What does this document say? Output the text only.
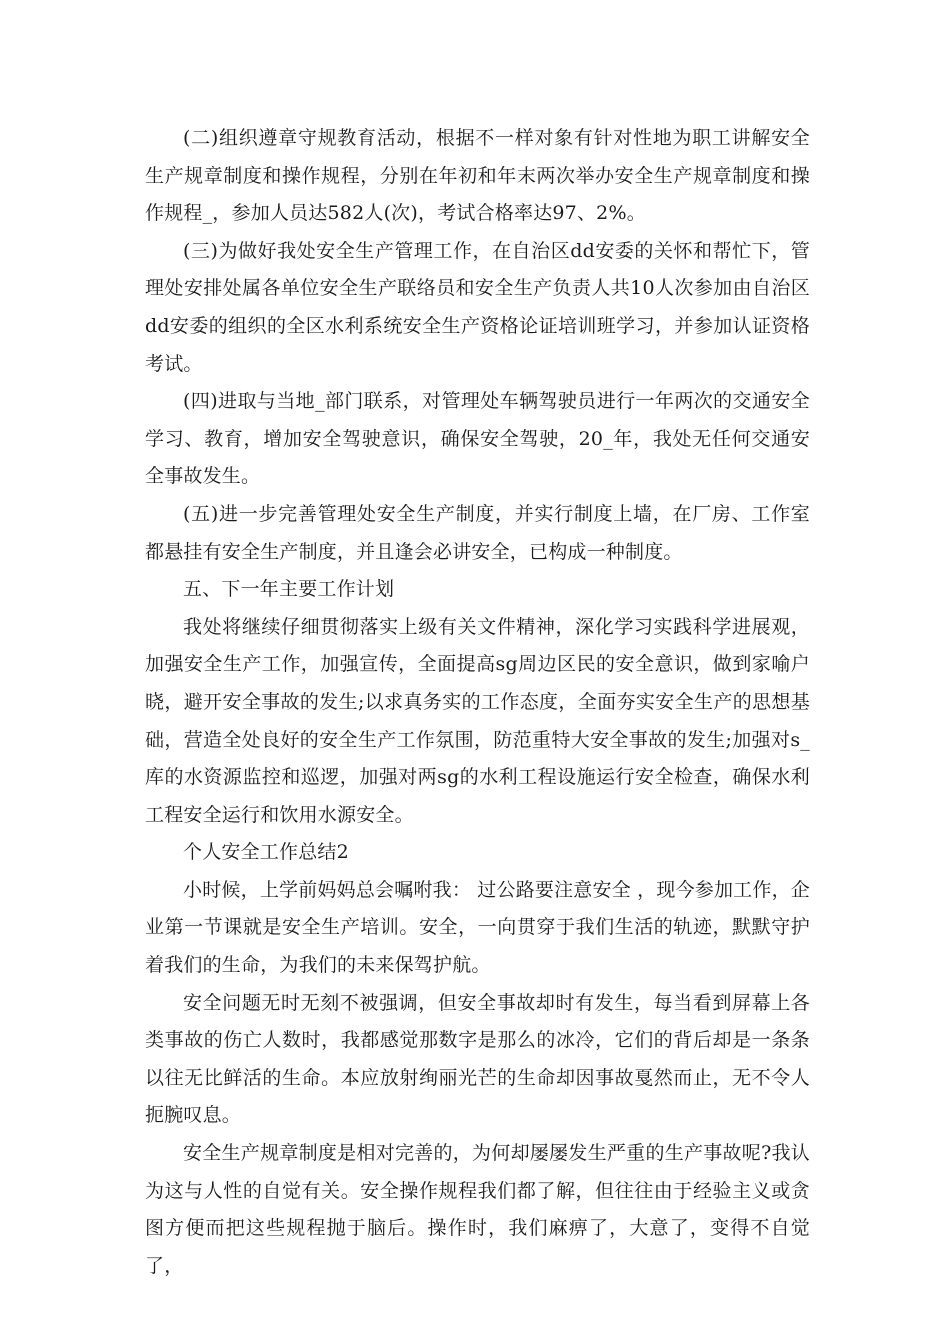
(二)组织遵章守规教育活动，根据不一样对象有针对性地为职工讲解安全生产规章制度和操作规程，分别在年初和年末两次举办安全生产规章制度和操作规程_，参加人员达582人(次)，考试合格率达97、2%。

(三)为做好我处安全生产管理工作，在自治区dd安委的关怀和帮忙下，管理处安排处属各单位安全生产联络员和安全生产负责人共10人次参加由自治区dd安委的组织的全区水利系统安全生产资格论证培训班学习，并参加认证资格考试。

(四)进取与当地_部门联系，对管理处车辆驾驶员进行一年两次的交通安全学习、教育，增加安全驾驶意识，确保安全驾驶，20_年，我处无任何交通安全事故发生。

(五)进一步完善管理处安全生产制度，并实行制度上墙，在厂房、工作室都悬挂有安全生产制度，并且逢会必讲安全，已构成一种制度。

五、下一年主要工作计划

我处将继续仔细贯彻落实上级有关文件精神，深化学习实践科学进展观，加强安全生产工作，加强宣传，全面提高sg周边区民的安全意识，做到家喻户晓，避开安全事故的发生;以求真务实的工作态度，全面夯实安全生产的思想基础，营造全处良好的安全生产工作氛围，防范重特大安全事故的发生;加强对s_库的水资源监控和巡逻，加强对两sg的水利工程设施运行安全检查，确保水利工程安全运行和饮用水源安全。

个人安全工作总结2

小时候，上学前妈妈总会嘱咐我： 过公路要注意安全 ，现今参加工作，企业第一节课就是安全生产培训。安全，一向贯穿于我们生活的轨迹，默默守护着我们的生命，为我们的未来保驾护航。

安全问题无时无刻不被强调，但安全事故却时有发生，每当看到屏幕上各类事故的伤亡人数时，我都感觉那数字是那么的冰冷，它们的背后却是一条条以往无比鲜活的生命。本应放射绚丽光芒的生命却因事故戛然而止，无不令人扼腕叹息。

安全生产规章制度是相对完善的，为何却屡屡发生严重的生产事故呢?我认为这与人性的自觉有关。安全操作规程我们都了解，但往往由于经验主义或贪图方便而把这些规程抛于脑后。操作时，我们麻痹了，大意了，变得不自觉了，
